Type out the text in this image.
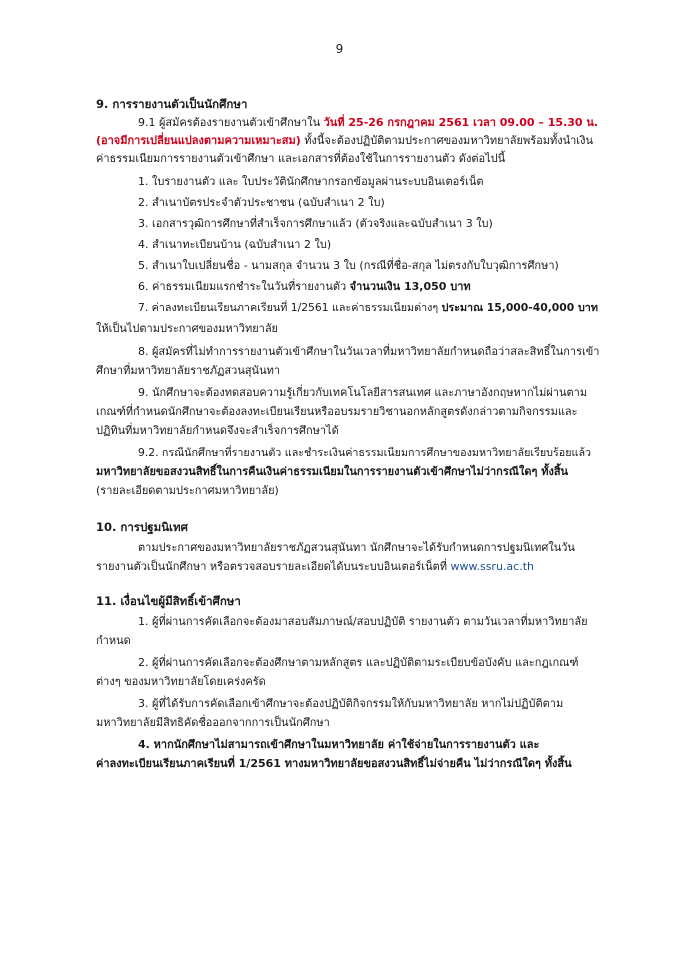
9
9. การรายงานตัวเป็นนักศึกษา
9.1 ผู้สมัครต้องรายงานตัวเข้าศึกษาใน วันที่ 25-26 กรกฎาคม 2561 เวลา 09.00 – 15.30 น.
(อาจมีการเปลี่ยนแปลงตามความเหมาะสม) ทั้งนี้จะต้องปฏิบัติตามประกาศของมหาวิทยาลัยพร้อมทั้งนำเงิน
ค่าธรรมเนียมการรายงานตัวเข้าศึกษา และเอกสารที่ต้องใช้ในการรายงานตัว ดังต่อไปนี้
1. ใบรายงานตัว และ ใบประวัตินักศึกษากรอกข้อมูลผ่านระบบอินเตอร์เน็ต
2. สำเนาบัตรประจำตัวประชาชน (ฉบับสำเนา 2 ใบ)
3. เอกสารวุฒิการศึกษาที่สำเร็จการศึกษาแล้ว (ตัวจริงและฉบับสำเนา 3 ใบ)
4. สำเนาทะเบียนบ้าน (ฉบับสำเนา 2 ใบ)
5. สำเนาใบเปลี่ยนชื่อ - นามสกุล จำนวน 3 ใบ (กรณีที่ชื่อ-สกุล ไม่ตรงกับใบวุฒิการศึกษา)
6. ค่าธรรมเนียมแรกชำระในวันที่รายงานตัว จำนวนเงิน 13,050 บาท
7. ค่าลงทะเบียนเรียนภาคเรียนที่ 1/2561 และค่าธรรมเนียมต่างๆ ประมาณ 15,000-40,000 บาท
ให้เป็นไปตามประกาศของมหาวิทยาลัย
8. ผู้สมัครที่ไม่ทำการรายงานตัวเข้าศึกษาในวันเวลาที่มหาวิทยาลัยกำหนดถือว่าสละสิทธิ์ในการเข้า
ศึกษาที่มหาวิทยาลัยราชภัฏสวนสุนันทา
9. นักศึกษาจะต้องทดสอบความรู้เกี่ยวกับเทคโนโลยีสารสนเทศ และภาษาอังกฤษหากไม่ผ่านตาม
เกณฑ์ที่กำหนดนักศึกษาจะต้องลงทะเบียนเรียนหรืออบรมรายวิชานอกหลักสูตรดังกล่าวตามกิจกรรมและ
ปฏิทินที่มหาวิทยาลัยกำหนดจึงจะสำเร็จการศึกษาได้
9.2. กรณีนักศึกษาที่รายงานตัว และชำระเงินค่าธรรมเนียมการศึกษาของมหาวิทยาลัยเรียบร้อยแล้ว
มหาวิทยาลัยขอสงวนสิทธิ์ในการคืนเงินค่าธรรมเนียมในการรายงานตัวเข้าศึกษาไม่ว่ากรณีใดๆ ทั้งสิ้น
(รายละเอียดตามประกาศมหาวิทยาลัย)
10. การปฐมนิเทศ
ตามประกาศของมหาวิทยาลัยราชภัฏสวนสุนันทา นักศึกษาจะได้รับกำหนดการปฐมนิเทศในวัน
รายงานตัวเป็นนักศึกษา หรือตรวจสอบรายละเอียดได้บนระบบอินเตอร์เน็ตที่ www.ssru.ac.th
11. เงื่อนไขผู้มีสิทธิ์เข้าศึกษา
1. ผู้ที่ผ่านการคัดเลือกจะต้องมาสอบสัมภาษณ์/สอบปฏิบัติ รายงานตัว ตามวันเวลาที่มหาวิทยาลัย
กำหนด
2. ผู้ที่ผ่านการคัดเลือกจะต้องศึกษาตามหลักสูตร และปฏิบัติตามระเบียบข้อบังคับ และกฎเกณฑ์
ต่างๆ ของมหาวิทยาลัยโดยเคร่งครัด
3. ผู้ที่ได้รับการคัดเลือกเข้าศึกษาจะต้องปฏิบัติกิจกรรมให้กับมหาวิทยาลัย หากไม่ปฏิบัติตาม
มหาวิทยาลัยมีสิทธิคัดชื่อออกจากการเป็นนักศึกษา
4. หากนักศึกษาไม่สามารถเข้าศึกษาในมหาวิทยาลัย ค่าใช้จ่ายในการรายงานตัว และ
ค่าลงทะเบียนเรียนภาคเรียนที่ 1/2561 ทางมหาวิทยาลัยขอสงวนสิทธิ์ไม่จ่ายคืน ไม่ว่ากรณีใดๆ ทั้งสิ้น
